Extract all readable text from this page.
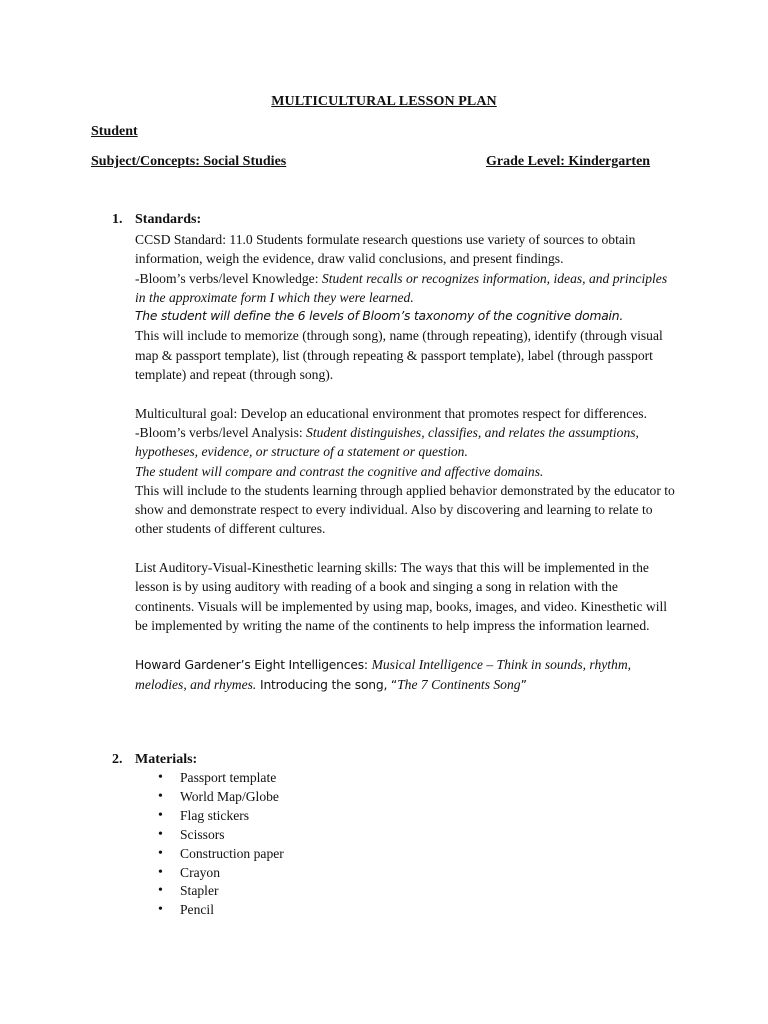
MULTICULTURAL LESSON PLAN
Student
Subject/Concepts: Social Studies	Grade Level: Kindergarten
1. Standards:

CCSD Standard: 11.0 Students formulate research questions use variety of sources to obtain information, weigh the evidence, draw valid conclusions, and present findings.

-Bloom’s verbs/level Knowledge: Student recalls or recognizes information, ideas, and principles in the approximate form I which they were learned.

The student will define the 6 levels of Bloom’s taxonomy of the cognitive domain.

This will include to memorize (through song), name (through repeating), identify (through visual map & passport template), list (through repeating & passport template), label (through passport template) and repeat (through song).

Multicultural goal: Develop an educational environment that promotes respect for differences.

-Bloom’s verbs/level Analysis: Student distinguishes, classifies, and relates the assumptions, hypotheses, evidence, or structure of a statement or question.

The student will compare and contrast the cognitive and affective domains.

This will include to the students learning through applied behavior demonstrated by the educator to show and demonstrate respect to every individual. Also by discovering and learning to relate to other students of different cultures.

List Auditory-Visual-Kinesthetic learning skills: The ways that this will be implemented in the lesson is by using auditory with reading of a book and singing a song in relation with the continents. Visuals will be implemented by using map, books, images, and video. Kinesthetic will be implemented by writing the name of the continents to help impress the information learned.

Howard Gardener’s Eight Intelligences: Musical Intelligence – Think in sounds, rhythm, melodies, and rhymes. Introducing the song, “The 7 Continents Song”

2. Materials:
• Passport template
• World Map/Globe
• Flag stickers
• Scissors
• Construction paper
• Crayon
• Stapler
• Pencil
